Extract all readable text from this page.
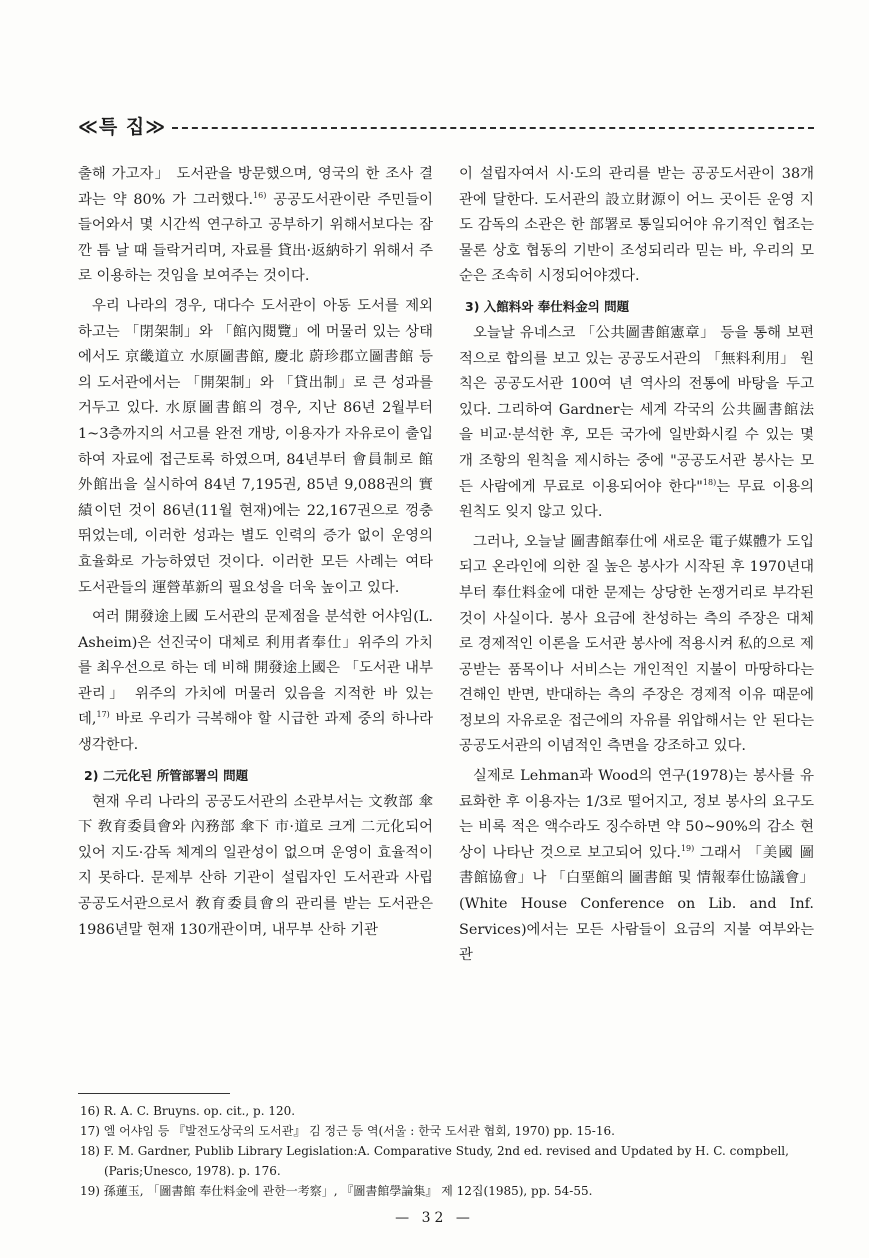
≪특 집≫

출해 가고자」 도서관을 방문했으며, 영국의 한 조사 결과는 약 80% 가 그러했다.$^{16)}$ 공공도서관이란 주민들이 들어와서 몇 시간씩 연구하고 공부하기 위해서보다는 잠깐 틈 날 때 들락거리며, 자료를 貸出·返納하기 위해서 주로 이용하는 것임을 보여주는 것이다.

우리 나라의 경우, 대다수 도서관이 아동 도서를 제외하고는 「閉架制」와 「館內閱覽」에 머물러 있는 상태에서도 京畿道立 水原圖書館, 慶北 蔚珍郡立圖書館 등의 도서관에서는 「開架制」와 「貸出制」로 큰 성과를 거두고 있다. 水原圖書館의 경우, 지난 86년 2월부터 1~3층까지의 서고를 완전 개방, 이용자가 자유로이 출입하여 자료에 접근토록 하였으며, 84년부터 會員制로 館外館出을 실시하여 84년 7,195권, 85년 9,088권의 實績이던 것이 86년(11월 현재)에는 22,167권으로 껑충 뛰었는데, 이러한 성과는 별도 인력의 증가 없이 운영의 효율화로 가능하였던 것이다. 이러한 모든 사례는 여타 도서관들의 運營革新의 필요성을 더욱 높이고 있다.

여러 開發途上國 도서관의 문제점을 분석한 어샤임(L. Asheim)은 선진국이 대체로 利用者奉仕」위주의 가치를 최우선으로 하는 데 비해 開發途上國은 「도서관 내부 관리」 위주의 가치에 머물러 있음을 지적한 바 있는데,$^{17)}$ 바로 우리가 극복해야 할 시급한 과제 중의 하나라 생각한다.

2) 二元化된 所管部署의 問題

현재 우리 나라의 공공도서관의 소관부서는 文敎部 傘下 敎育委員會와 內務部 傘下 市·道로 크게 二元化되어 있어 지도·감독 체계의 일관성이 없으며 운영이 효율적이지 못하다. 문제부 산하 기관이 설립자인 도서관과 사립 공공도서관으로서 敎育委員會의 관리를 받는 도서관은 1986년말 현재 130개관이며, 내무부 산하 기관

이 설립자여서 시·도의 관리를 받는 공공도서관이 38개관에 달한다. 도서관의 設立財源이 어느 곳이든 운영 지도 감독의 소관은 한 部署로 통일되어야 유기적인 협조는 물론 상호 협동의 기반이 조성되리라 믿는 바, 우리의 모순은 조속히 시정되어야겠다.

3) 入館料와 奉仕料金의 問題

오늘날 유네스코 「公共圖書館憲章」 등을 통해 보편적으로 합의를 보고 있는 공공도서관의 「無料利用」 원칙은 공공도서관 100여 년 역사의 전통에 바탕을 두고 있다. 그리하여 Gardner는 세계 각국의 公共圖書館法을 비교·분석한 후, 모든 국가에 일반화시킬 수 있는 몇 개 조항의 원칙을 제시하는 중에 "공공도서관 봉사는 모든 사람에게 무료로 이용되어야 한다"$^{18)}$는 무료 이용의 원칙도 잊지 않고 있다.

그러나, 오늘날 圖書館奉仕에 새로운 電子媒體가 도입되고 온라인에 의한 질 높은 봉사가 시작된 후 1970년대부터 奉仕料金에 대한 문제는 상당한 논쟁거리로 부각된 것이 사실이다. 봉사 요금에 찬성하는 측의 주장은 대체로 경제적인 이론을 도서관 봉사에 적용시켜 私的으로 제공받는 품목이나 서비스는 개인적인 지불이 마땅하다는 견해인 반면, 반대하는 측의 주장은 경제적 이유 때문에 정보의 자유로운 접근에의 자유를 위압해서는 안 된다는 공공도서관의 이념적인 측면을 강조하고 있다.

실제로 Lehman과 Wood의 연구(1978)는 봉사를 유료화한 후 이용자는 1/3로 떨어지고, 정보 봉사의 요구도는 비록 적은 액수라도 징수하면 약 50~90%의 감소 현상이 나타난 것으로 보고되어 있다.$^{19)}$ 그래서 「美國 圖書館協會」나 「白堊館의 圖書館 및 情報奉仕協議會」(White House Conference on Lib. and Inf. Services)에서는 모든 사람들이 요금의 지불 여부와는 관

16) R. A. C. Bruyns. op. cit., p. 120.

17) 엘 어샤임 등 『발전도상국의 도서관』 김 정근 등 역(서울 : 한국 도서관 협회, 1970) pp. 15-16.

18) F. M. Gardner, Publib Library Legislation:A. Comparative Study, 2nd ed. revised and Updated by H. C. compbell, (Paris;Unesco, 1978). p. 176.

19) 孫蓮玉, 「圖書館 奉仕料金에 관한一考察」, 『圖書館學論集』 제 12집(1985), pp. 54-55.

— 32 —
